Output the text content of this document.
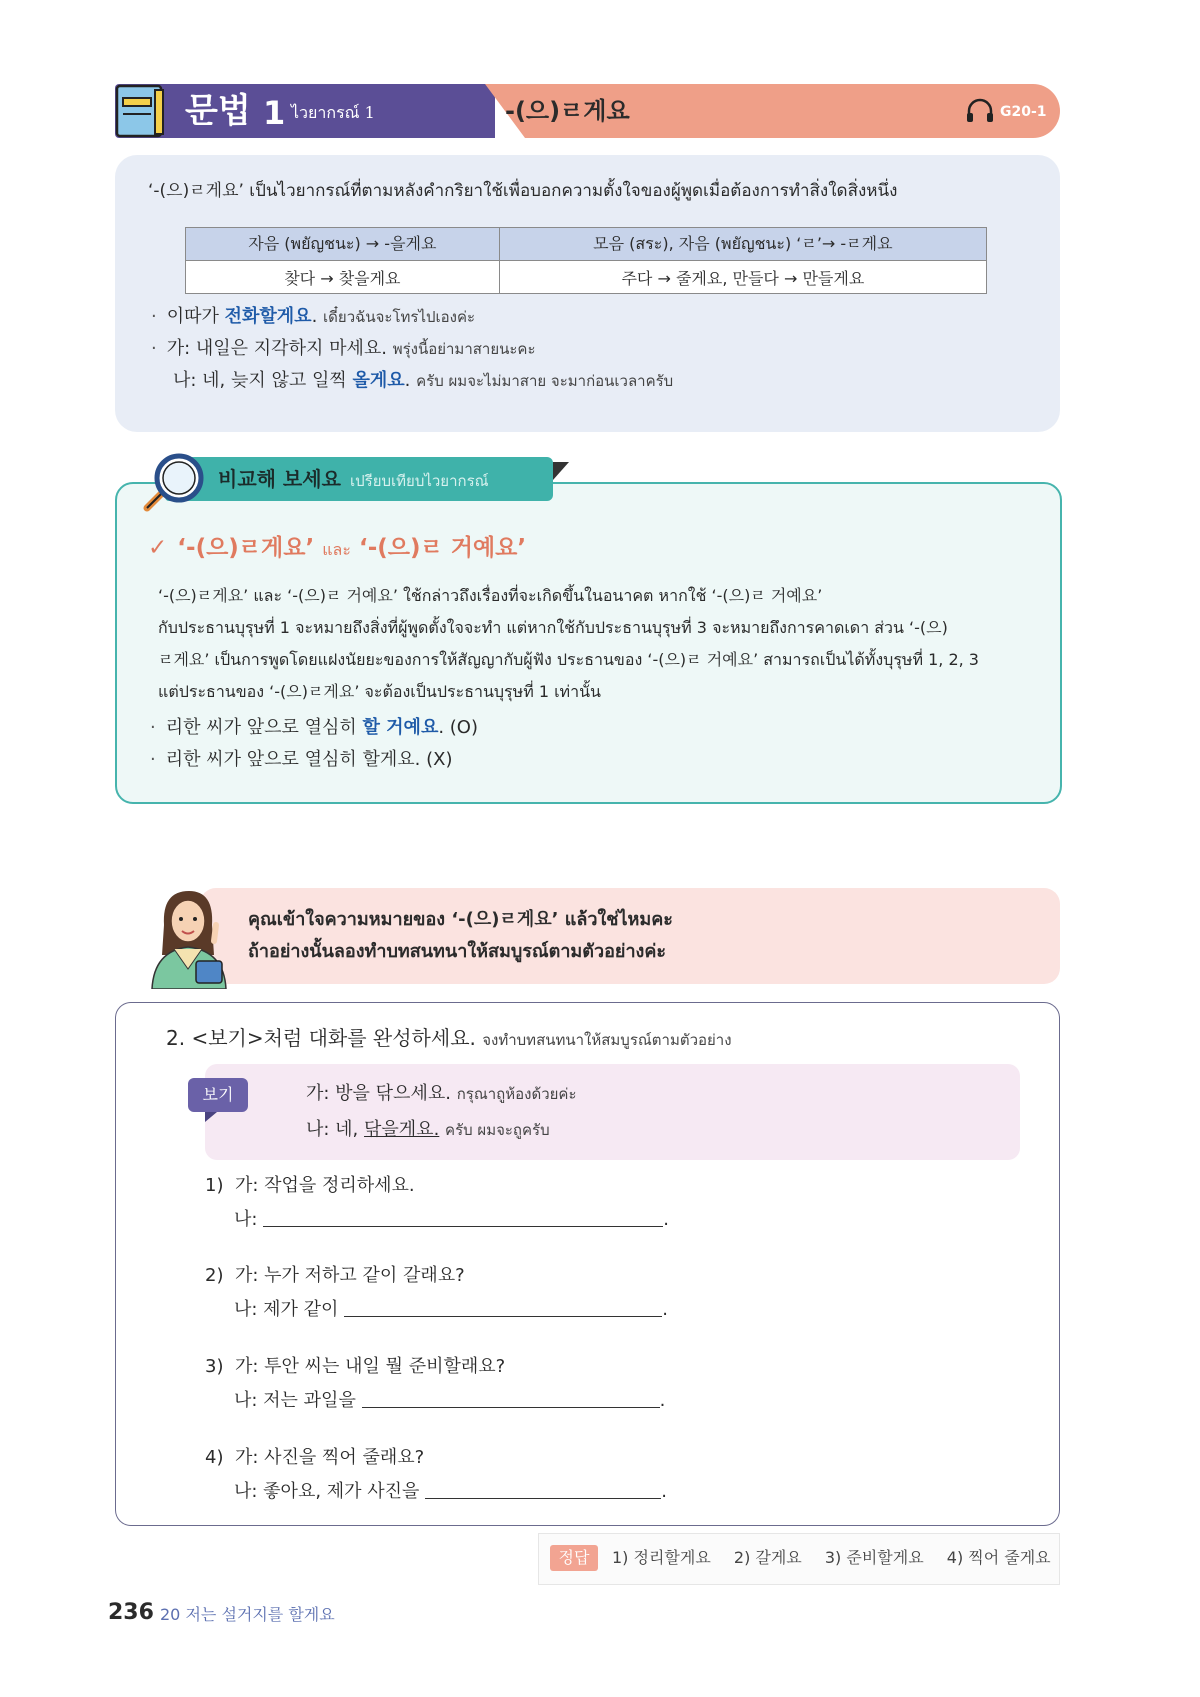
문법 1 ไวยากรณ์ 1	-(으)ㄹ게요	G20-1
‘-(으)ㄹ게요’ เป็นไวยากรณ์ที่ตามหลังคำกริยาใช้เพื่อบอกความตั้งใจของผู้พูดเมื่อต้องการทำสิ่งใดสิ่งหนึ่ง
자음 (พยัญชนะ) → -을게요	모음 (สระ), 자음 (พยัญชนะ) ‘ㄹ’→ -ㄹ게요
찾다 → 찾을게요	주다 → 줄게요, 만들다 → 만들게요
· 이따가 전화할게요. เดี๋ยวฉันจะโทรไปเองค่ะ
· 가: 내일은 지각하지 마세요. พรุ่งนี้อย่ามาสายนะคะ
나: 네, 늦지 않고 일찍 올게요. ครับ ผมจะไม่มาสาย จะมาก่อนเวลาครับ
비교해 보세요 เปรียบเทียบไวยากรณ์
✓ ‘-(으)ㄹ게요’ และ ‘-(으)ㄹ 거예요’
‘-(으)ㄹ게요’ และ ‘-(으)ㄹ 거예요’ ใช้กล่าวถึงเรื่องที่จะเกิดขึ้นในอนาคต หากใช้ ‘-(으)ㄹ 거예요’
กับประธานบุรุษที่ 1 จะหมายถึงสิ่งที่ผู้พูดตั้งใจจะทำ แต่หากใช้กับประธานบุรุษที่ 3 จะหมายถึงการคาดเดา ส่วน ‘-(으)
ㄹ게요’ เป็นการพูดโดยแฝงนัยยะของการให้สัญญากับผู้ฟัง ประธานของ ‘-(으)ㄹ 거예요’ สามารถเป็นได้ทั้งบุรุษที่ 1, 2, 3
แต่ประธานของ ‘-(으)ㄹ게요’ จะต้องเป็นประธานบุรุษที่ 1 เท่านั้น
· 리한 씨가 앞으로 열심히 할 거예요. (O)
· 리한 씨가 앞으로 열심히 할게요. (X)
คุณเข้าใจความหมายของ ‘-(으)ㄹ게요’ แล้วใช่ไหมคะ
ถ้าอย่างนั้นลองทำบทสนทนาให้สมบูรณ์ตามตัวอย่างค่ะ
2. <보기>처럼 대화를 완성하세요. จงทำบทสนทนาให้สมบูรณ์ตามตัวอย่าง
보기	가: 방을 닦으세요. กรุณาถูห้องด้วยค่ะ
나: 네, 닦을게요. ครับ ผมจะถูครับ
1) 가: 작업을 정리하세요.
나:	.
2) 가: 누가 저하고 같이 갈래요?
나: 제가 같이	.
3) 가: 투안 씨는 내일 뭘 준비할래요?
나: 저는 과일을	.
4) 가: 사진을 찍어 줄래요?
나: 좋아요, 제가 사진을	.
정답	1) 정리할게요 2) 갈게요 3) 준비할게요 4) 찍어 줄게요
236 20 저는 설거지를 할게요
